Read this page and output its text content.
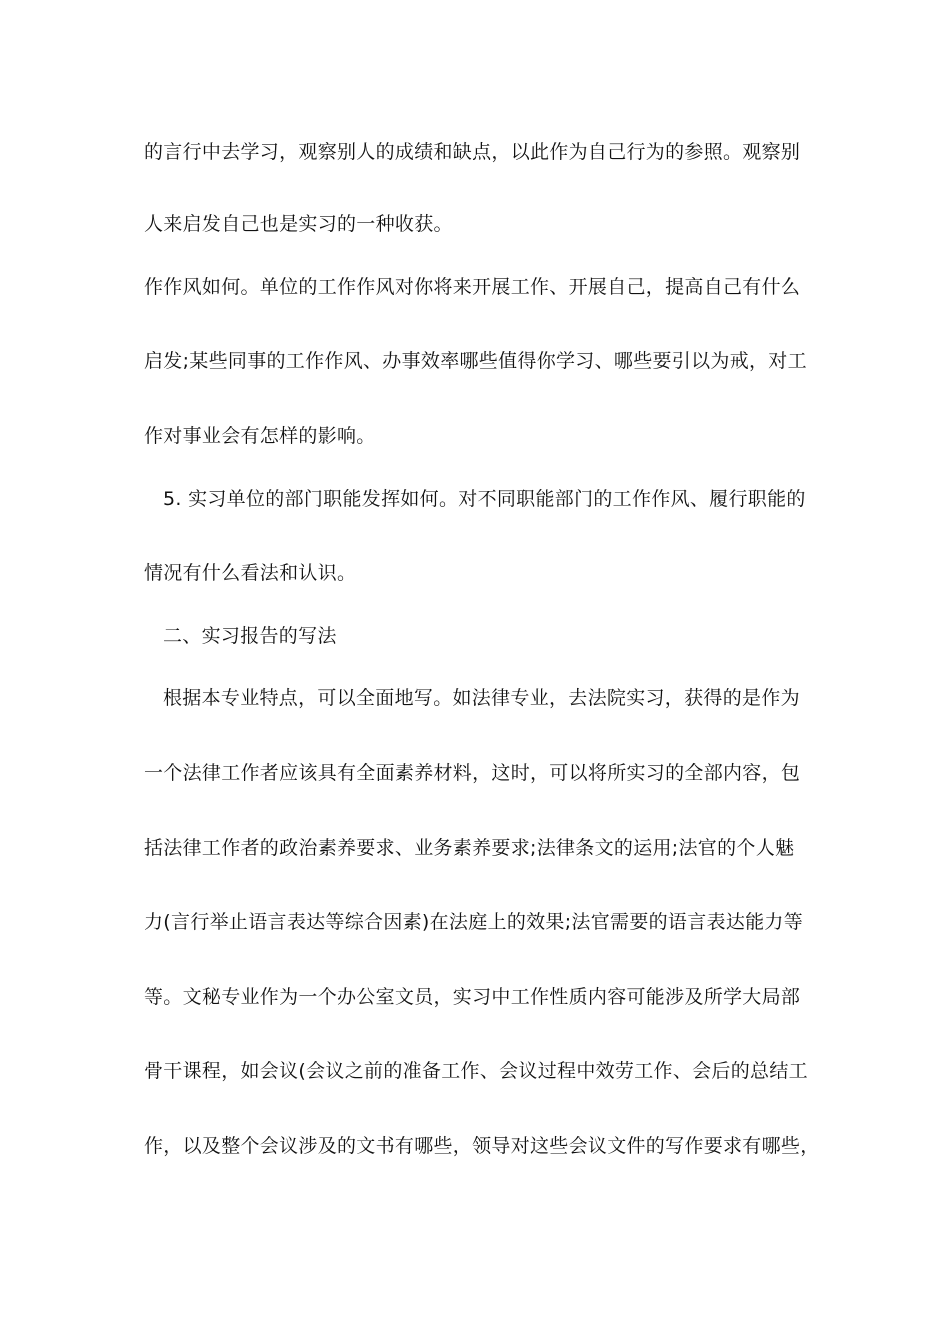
的言行中去学习，观察别人的成绩和缺点，以此作为自己行为的参照。观察别
人来启发自己也是实习的一种收获。
作作风如何。单位的工作作风对你将来开展工作、开展自己，提高自己有什么
启发;某些同事的工作作风、办事效率哪些值得你学习、哪些要引以为戒，对工
作对事业会有怎样的影响。
5. 实习单位的部门职能发挥如何。对不同职能部门的工作作风、履行职能的
情况有什么看法和认识。
二、实习报告的写法
根据本专业特点，可以全面地写。如法律专业，去法院实习，获得的是作为
一个法律工作者应该具有全面素养材料，这时，可以将所实习的全部内容，包
括法律工作者的政治素养要求、业务素养要求;法律条文的运用;法官的个人魅
力(言行举止语言表达等综合因素)在法庭上的效果;法官需要的语言表达能力等
等。文秘专业作为一个办公室文员，实习中工作性质内容可能涉及所学大局部
骨干课程，如会议(会议之前的准备工作、会议过程中效劳工作、会后的总结工
作，以及整个会议涉及的文书有哪些，领导对这些会议文件的写作要求有哪些，
